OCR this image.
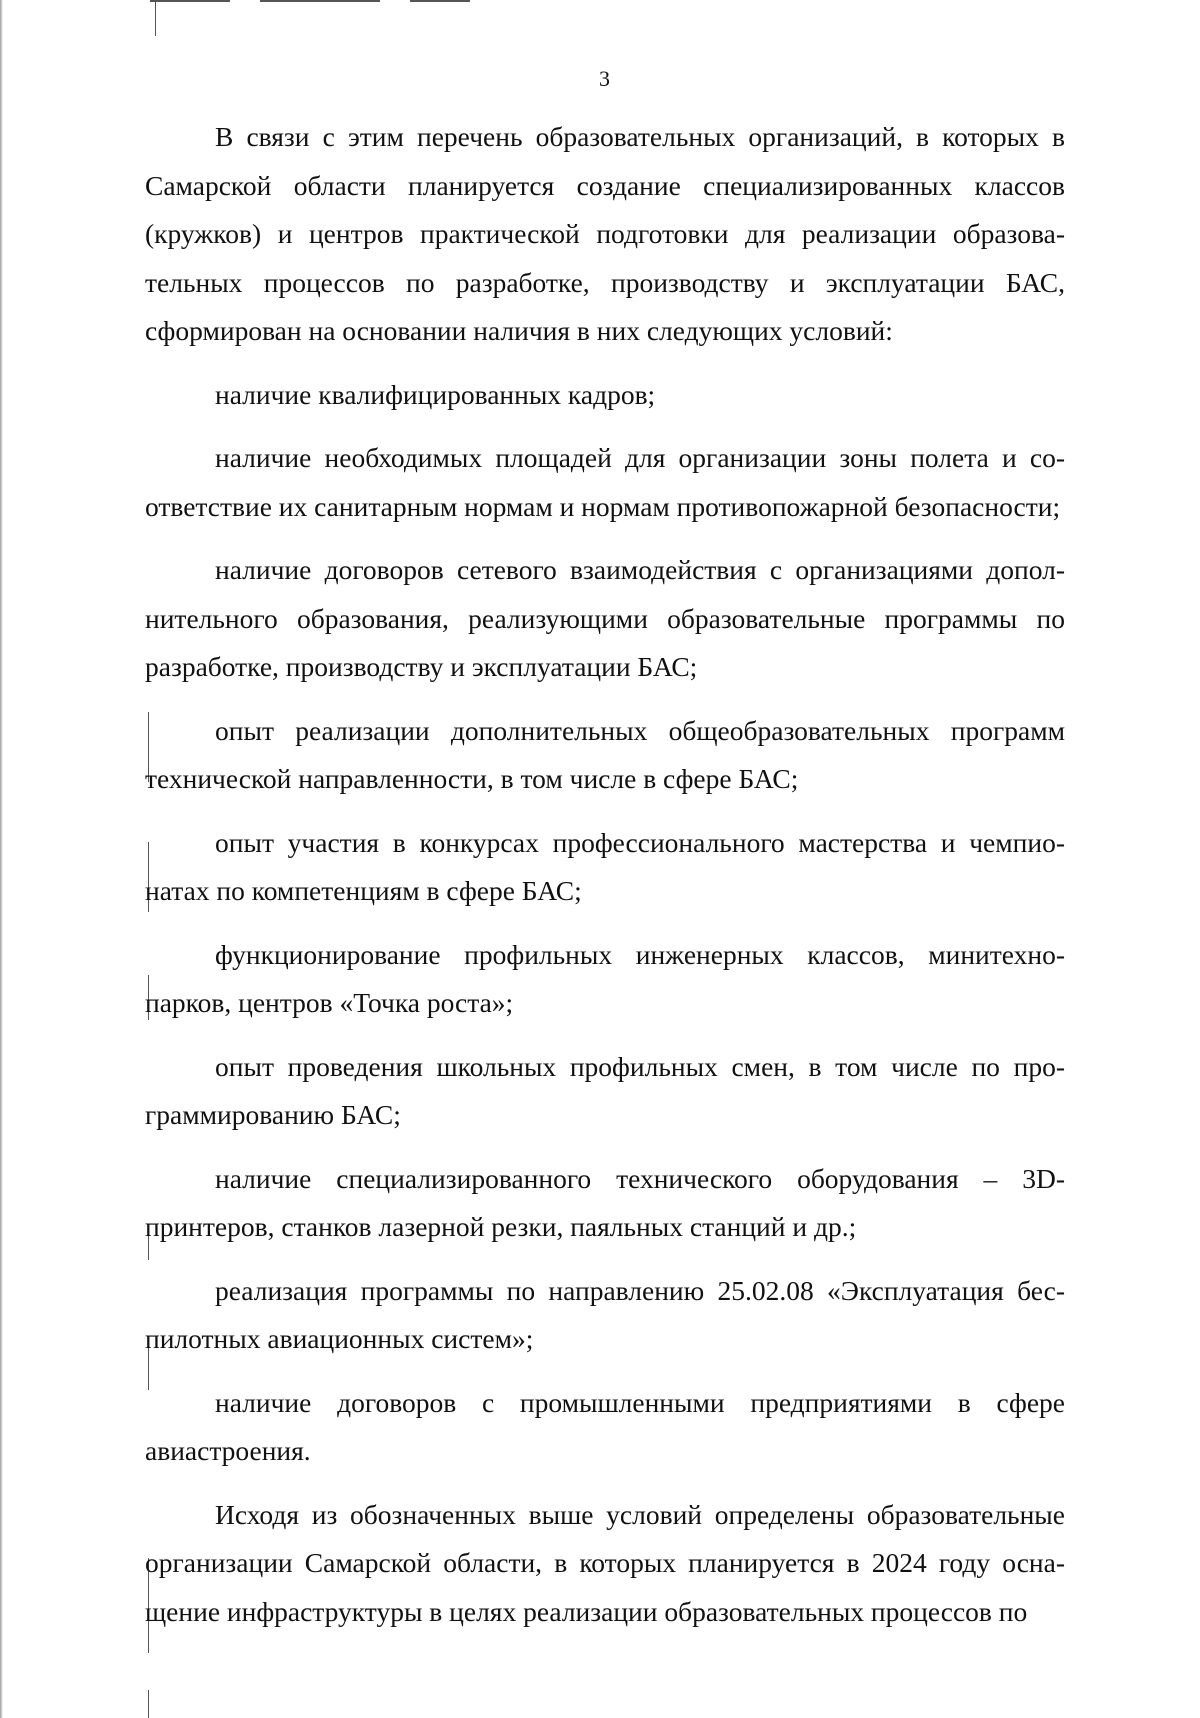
3

В связи с этим перечень образовательных организаций, в которых в Самарской области планируется создание специализированных классов (кружков) и центров практической подготовки для реализации образовательных процессов по разработке, производству и эксплуатации БАС, сформирован на основании наличия в них следующих условий:

наличие квалифицированных кадров;

наличие необходимых площадей для организации зоны полета и соответствие их санитарным нормам и нормам противопожарной безопасности;

наличие договоров сетевого взаимодействия с организациями дополнительного образования, реализующими образовательные программы по разработке, производству и эксплуатации БАС;

опыт реализации дополнительных общеобразовательных программ технической направленности, в том числе в сфере БАС;

опыт участия в конкурсах профессионального мастерства и чемпионатах по компетенциям в сфере БАС;

функционирование профильных инженерных классов, минитехнопарков, центров «Точка роста»;

опыт проведения школьных профильных смен, в том числе по программированию БАС;

наличие специализированного технического оборудования – 3D-принтеров, станков лазерной резки, паяльных станций и др.;

реализация программы по направлению 25.02.08 «Эксплуатация беспилотных авиационных систем»;

наличие договоров с промышленными предприятиями в сфере авиастроения.

Исходя из обозначенных выше условий определены образовательные организации Самарской области, в которых планируется в 2024 году оснащение инфраструктуры в целях реализации образовательных процессов по
